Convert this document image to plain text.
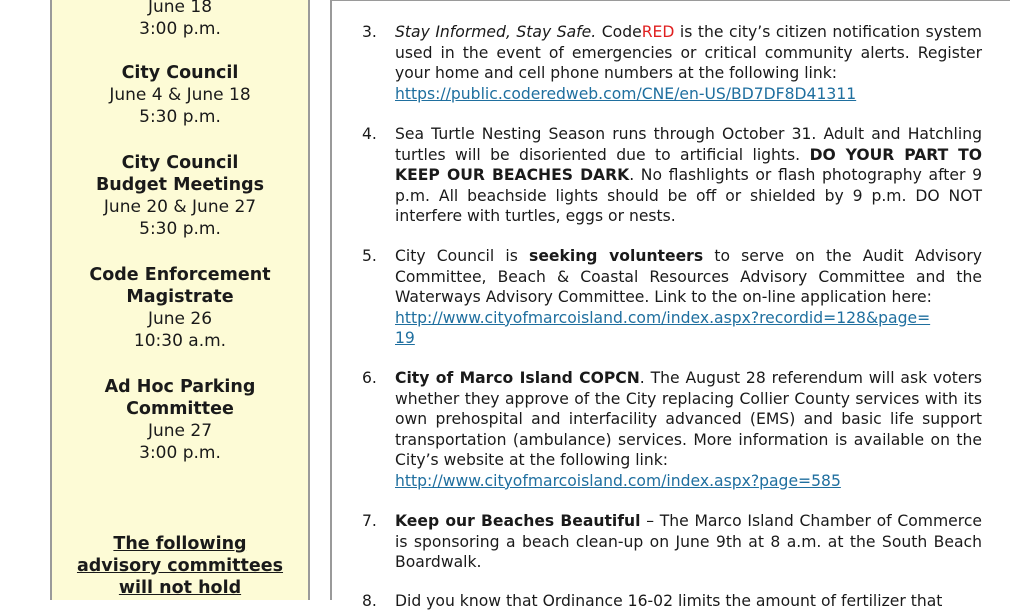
June 18
3:00 p.m.
City Council
June 4 & June 18
5:30 p.m.
City Council
Budget Meetings
June 20 & June 27
5:30 p.m.
Code Enforcement
Magistrate
June 26
10:30 a.m.
Ad Hoc Parking
Committee
June 27
3:00 p.m.
The following
advisory committees
will not hold
3.	Stay Informed, Stay Safe. CodeRED is the city’s citizen notification system used in the event of emergencies or critical community alerts. Register your home and cell phone numbers at the following link:
https://public.coderedweb.com/CNE/en-US/BD7DF8D41311
4.	Sea Turtle Nesting Season runs through October 31. Adult and Hatchling turtles will be disoriented due to artificial lights. DO YOUR PART TO KEEP OUR BEACHES DARK. No flashlights or flash photography after 9 p.m. All beachside lights should be off or shielded by 9 p.m. DO NOT interfere with turtles, eggs or nests.
5.	City Council is seeking volunteers to serve on the Audit Advisory Committee, Beach & Coastal Resources Advisory Committee and the Waterways Advisory Committee. Link to the on-line application here:
http://www.cityofmarcoisland.com/index.aspx?recordid=128&page=
19
6.	City of Marco Island COPCN. The August 28 referendum will ask voters whether they approve of the City replacing Collier County services with its own prehospital and interfacility advanced (EMS) and basic life support transportation (ambulance) services. More information is available on the City’s website at the following link:
http://www.cityofmarcoisland.com/index.aspx?page=585
7.	Keep our Beaches Beautiful – The Marco Island Chamber of Commerce is sponsoring a beach clean-up on June 9th at 8 a.m. at the South Beach Boardwalk.
8.	Did you know that Ordinance 16-02 limits the amount of fertilizer that
